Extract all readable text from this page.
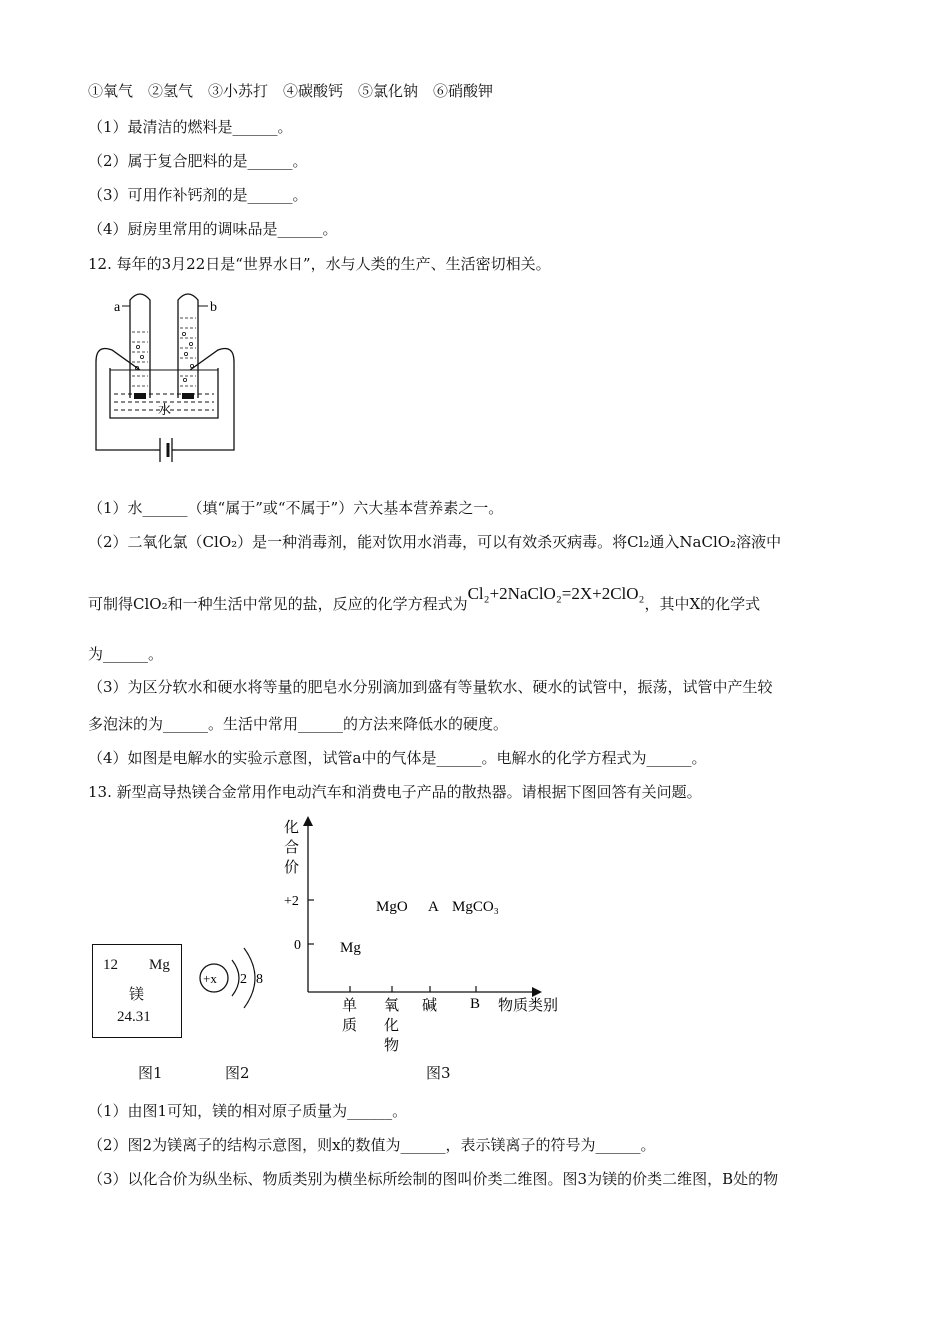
①氧气　②氢气　③小苏打　④碳酸钙　⑤氯化钠　⑥硝酸钾
（1）最清洁的燃料是______。
（2）属于复合肥料的是______。
（3）可用作补钙剂的是______。
（4）厨房里常用的调味品是______。
12. 每年的3月22日是“世界水日”，水与人类的生产、生活密切相关。
a	b
水
（1）水______（填“属于”或“不属于”）六大基本营养素之一。
（2）二氧化氯（ClO₂）是一种消毒剂，能对饮用水消毒，可以有效杀灭病毒。将Cl₂通入NaClO₂溶液中
可制得ClO₂和一种生活中常见的盐，反应的化学方程式为Cl₂+2NaClO₂=2X+2ClO₂，其中X的化学式
为______。
（3）为区分软水和硬水将等量的肥皂水分别滴加到盛有等量软水、硬水的试管中，振荡，试管中产生较
多泡沫的为______。生活中常用______的方法来降低水的硬度。
（4）如图是电解水的实验示意图，试管a中的气体是______。电解水的化学方程式为______。
13. 新型高导热镁合金常用作电动汽车和消费电子产品的散热器。请根据下图回答有关问题。
12 Mg
镁
24.31
图1
+x 2 8
图2
化
合
价
+2
0
MgO A MgCO₃
Mg
单
质
氧
化
物
碱 B 物质类别
图3
（1）由图1可知，镁的相对原子质量为______。
（2）图2为镁离子的结构示意图，则x的数值为______，表示镁离子的符号为______。
（3）以化合价为纵坐标、物质类别为横坐标所绘制的图叫价类二维图。图3为镁的价类二维图，B处的物
